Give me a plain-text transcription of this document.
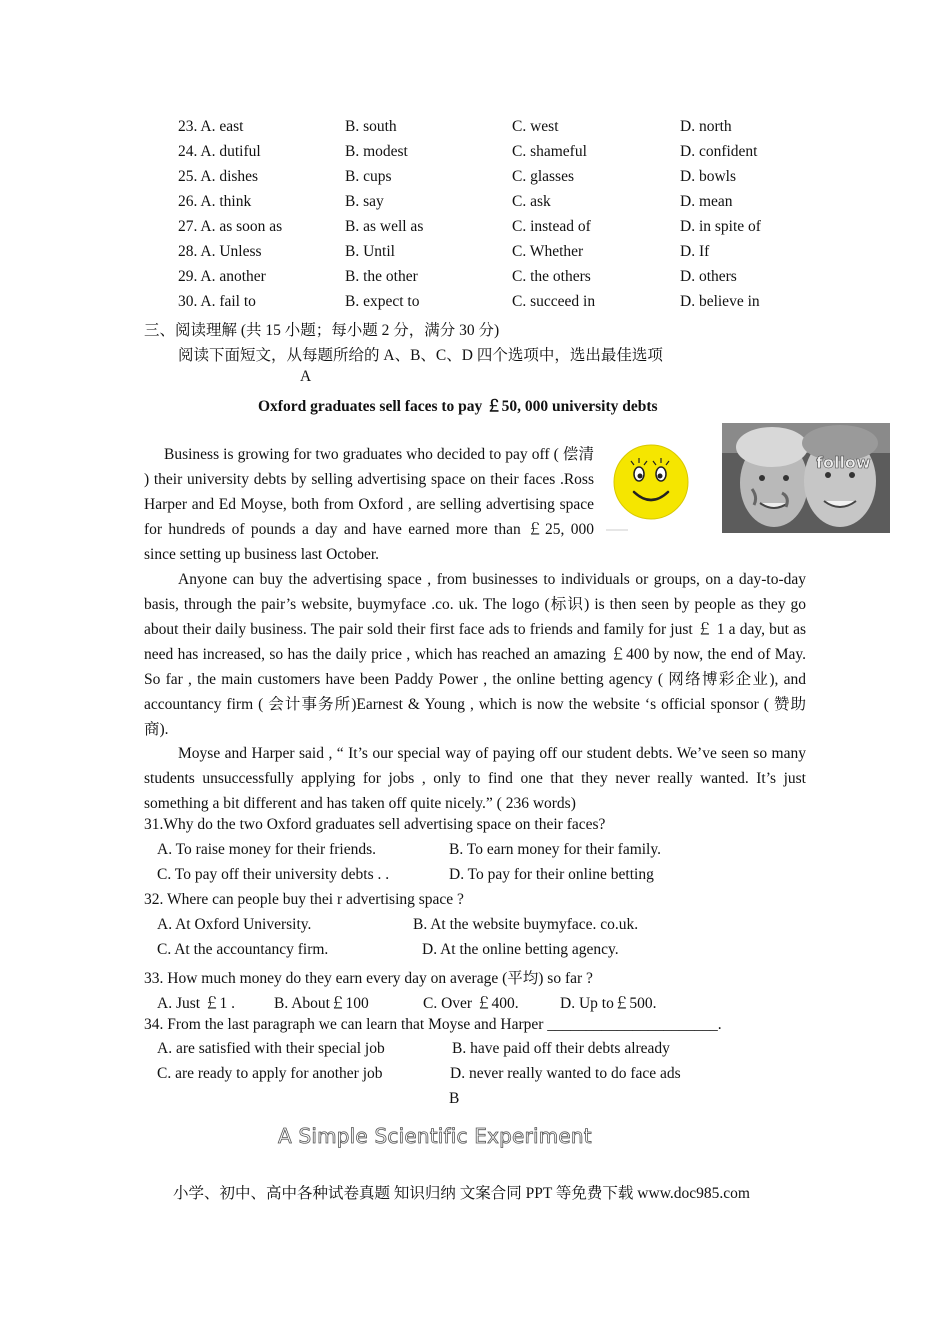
23. A. east	B. south	C. west	D. north
24. A. dutiful	B. modest	C. shameful	D. confident
25. A. dishes	B. cups	C. glasses	D. bowls
26. A. think	B. say	C. ask	D. mean
27. A. as soon as	B. as well as	C. instead of	D. in spite of
28. A. Unless	B. Until	C. Whether	D. If
29. A. another	B. the other	C. the others	D. others
30. A. fail to	B. expect to	C. succeed in	D. believe in
三、阅读理解 (共 15 小题；每小题 2 分，满分 30 分)
阅读下面短文，从每题所给的 A、B、C、D 四个选项中，选出最佳选项
A
Oxford graduates sell faces to pay ￡50, 000 university debts
Business is growing for two graduates who decided to pay off ( 偿清 ) their university debts by selling advertising space on their faces .Ross Harper and Ed Moyse, both from Oxford , are selling advertising space for hundreds of pounds a day and have earned more than ￡25, 000 since setting up business last October.
follow
Anyone can buy the advertising space , from businesses to individuals or groups, on a day-to-day basis, through the pair’s website, buymyface .co. uk. The logo (标识) is then seen by people as they go about their daily business. The pair sold their first face ads to friends and family for just ￡ 1 a day, but as need has increased, so has the daily price , which has reached an amazing ￡400 by now, the end of May. So far , the main customers have been Paddy Power , the online betting agency ( 网络博彩企业), and accountancy firm ( 会计事务所)Earnest & Young , which is now the website ‘s official sponsor ( 赞助商).
Moyse and Harper said , “ It’s our special way of paying off our student debts. We’ve seen so many students unsuccessfully applying for jobs , only to find one that they never really wanted. It’s just something a bit different and has taken off quite nicely.” ( 236 words)
31.Why do the two Oxford graduates sell advertising space on their faces?
A. To raise money for their friends.	B. To earn money for their family.
C. To pay off their university debts . .	D. To pay for their online betting
32. Where can people buy thei r advertising space ?
A. At Oxford University.	B. At the website buymyface. co.uk.
C. At the accountancy firm.	D. At the online betting agency.
33. How much money do they earn every day on average (平均) so far ?
A. Just ￡1 .	B. About￡100	C. Over ￡400.	D. Up to￡500.
34. From the last paragraph we can learn that Moyse and Harper ______________________.
A. are satisfied with their special job	B. have paid off their debts already
C. are ready to apply for another job	D. never really wanted to do face ads
B
A Simple Scientific Experiment
小学、初中、高中各种试卷真题 知识归纳 文案合同 PPT 等免费下载 www.doc985.com
